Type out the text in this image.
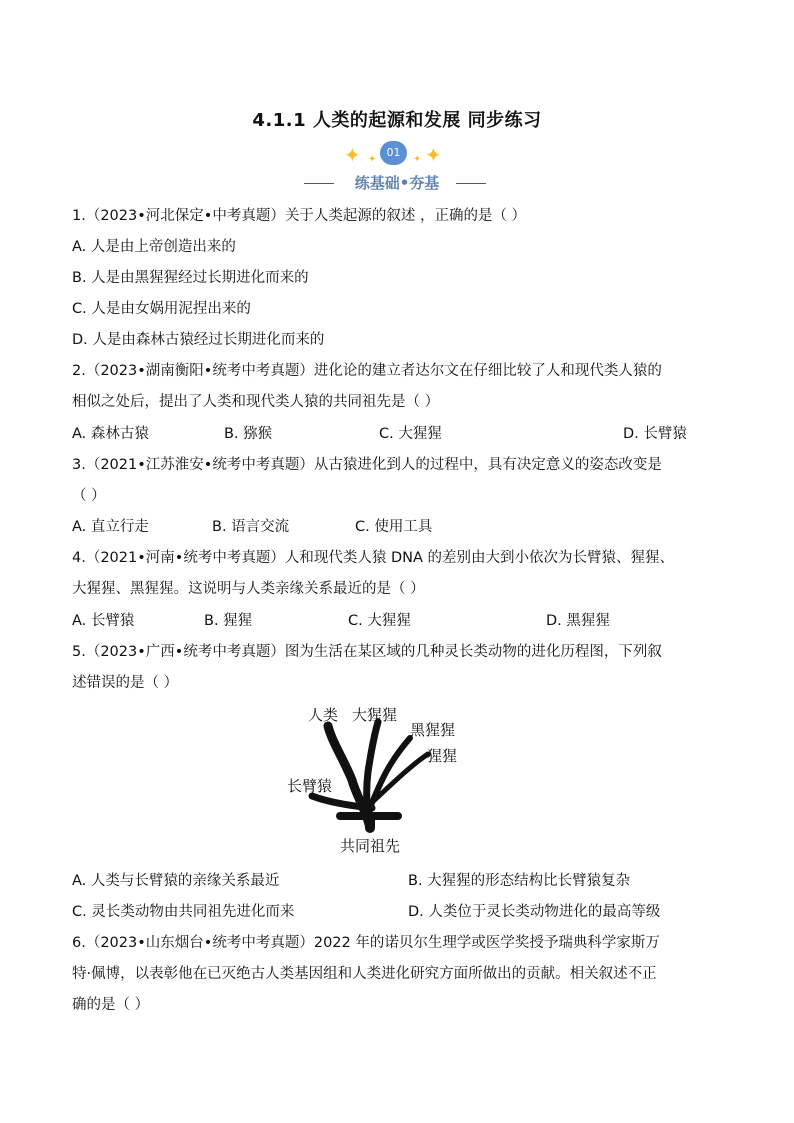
4.1.1 人类的起源和发展 同步练习
✦ ✦
01
✦ ✦
练基础•夯基
1.（2023•河北保定•中考真题）关于人类起源的叙述 ，正确的是（ ）
A. 人是由上帝创造出来的
B. 人是由黑猩猩经过长期进化而来的
C. 人是由女娲用泥捏出来的
D. 人是由森林古猿经过长期进化而来的
2.（2023•湖南衡阳•统考中考真题）进化论的建立者达尔文在仔细比较了人和现代类人猿的
相似之处后，提出了人类和现代类人猿的共同祖先是（ ）
A. 森林古猿	B. 猕猴	C. 大猩猩	D. 长臂猿
3.（2021•江苏淮安•统考中考真题）从古猿进化到人的过程中，具有决定意义的姿态改变是
（ ）
A. 直立行走	B. 语言交流	C. 使用工具
4.（2021•河南•统考中考真题）人和现代类人猿 DNA 的差别由大到小依次为长臂猿、猩猩、
大猩猩、黑猩猩。这说明与人类亲缘关系最近的是（ ）
A. 长臂猿	B. 猩猩	C. 大猩猩	D. 黑猩猩
5.（2023•广西•统考中考真题）图为生活在某区域的几种灵长类动物的进化历程图，下列叙
述错误的是（ ）
人类 大猩猩
黑猩猩
猩猩
长臂猿
共同祖先
A. 人类与长臂猿的亲缘关系最近	B. 大猩猩的形态结构比长臂猿复杂
C. 灵长类动物由共同祖先进化而来	D. 人类位于灵长类动物进化的最高等级
6.（2023•山东烟台•统考中考真题）2022 年的诺贝尔生理学或医学奖授予瑞典科学家斯万
特·佩博，以表彰他在已灭绝古人类基因组和人类进化研究方面所做出的贡献。相关叙述不正
确的是（ ）
